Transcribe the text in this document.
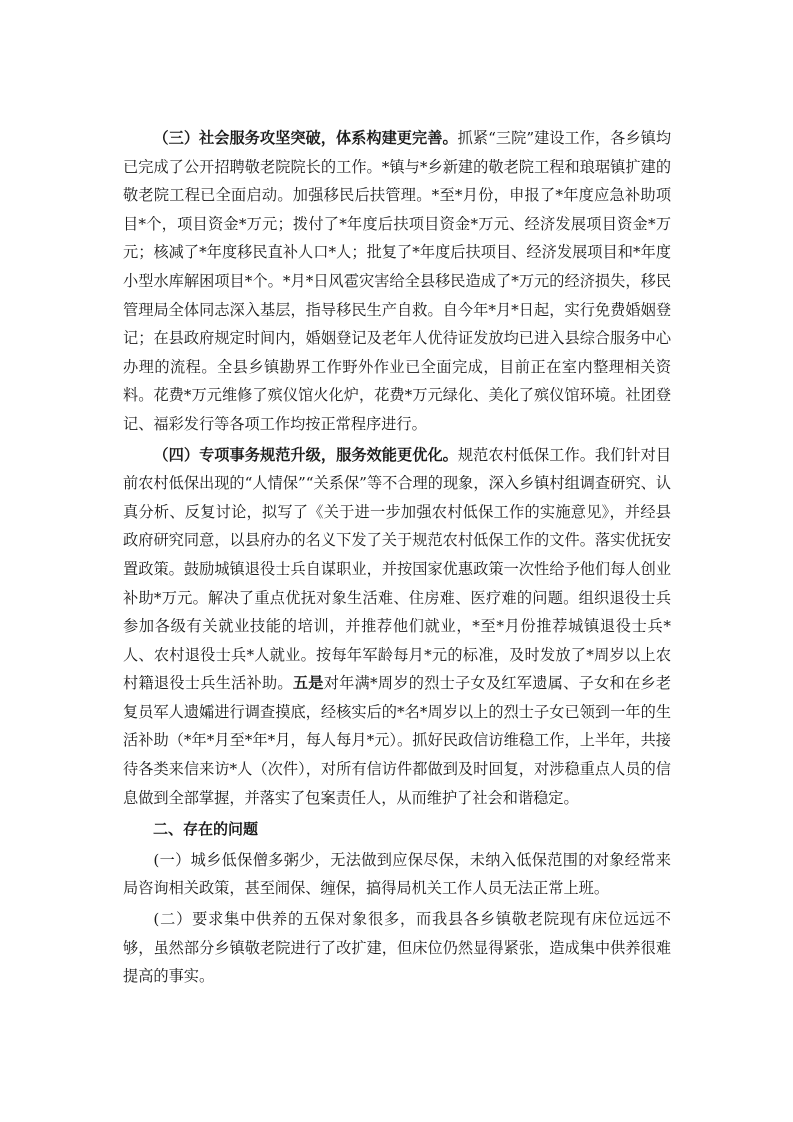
（三）社会服务攻坚突破，体系构建更完善。抓紧“三院”建设工作，各乡镇均已完成了公开招聘敬老院院长的工作。*镇与*乡新建的敬老院工程和琅琚镇扩建的敬老院工程已全面启动。加强移民后扶管理。*至*月份，申报了*年度应急补助项目*个，项目资金*万元；拨付了*年度后扶项目资金*万元、经济发展项目资金*万元；核减了*年度移民直补人口*人；批复了*年度后扶项目、经济发展项目和*年度小型水库解困项目*个。*月*日风雹灾害给全县移民造成了*万元的经济损失，移民管理局全体同志深入基层，指导移民生产自救。自今年*月*日起，实行免费婚姻登记；在县政府规定时间内，婚姻登记及老年人优待证发放均已进入县综合服务中心办理的流程。全县乡镇勘界工作野外作业已全面完成，目前正在室内整理相关资料。花费*万元维修了殡仪馆火化炉，花费*万元绿化、美化了殡仪馆环境。社团登记、福彩发行等各项工作均按正常程序进行。

（四）专项事务规范升级，服务效能更优化。规范农村低保工作。我们针对目前农村低保出现的“人情保”“关系保”等不合理的现象，深入乡镇村组调查研究、认真分析、反复讨论，拟写了《关于进一步加强农村低保工作的实施意见》，并经县政府研究同意，以县府办的名义下发了关于规范农村低保工作的文件。落实优抚安置政策。鼓励城镇退役士兵自谋职业，并按国家优惠政策一次性给予他们每人创业补助*万元。解决了重点优抚对象生活难、住房难、医疗难的问题。组织退役士兵参加各级有关就业技能的培训，并推荐他们就业，*至*月份推荐城镇退役士兵*人、农村退役士兵*人就业。按每年军龄每月*元的标准，及时发放了*周岁以上农村籍退役士兵生活补助。五是对年满*周岁的烈士子女及红军遗属、子女和在乡老复员军人遗孀进行调查摸底，经核实后的*名*周岁以上的烈士子女已领到一年的生活补助（*年*月至*年*月，每人每月*元）。抓好民政信访维稳工作，上半年，共接待各类来信来访*人（次件），对所有信访件都做到及时回复，对涉稳重点人员的信息做到全部掌握，并落实了包案责任人，从而维护了社会和谐稳定。

二、存在的问题

(一）城乡低保僧多粥少，无法做到应保尽保，未纳入低保范围的对象经常来局咨询相关政策，甚至闹保、缠保，搞得局机关工作人员无法正常上班。

(二）要求集中供养的五保对象很多，而我县各乡镇敬老院现有床位远远不够，虽然部分乡镇敬老院进行了改扩建，但床位仍然显得紧张，造成集中供养很难提高的事实。
